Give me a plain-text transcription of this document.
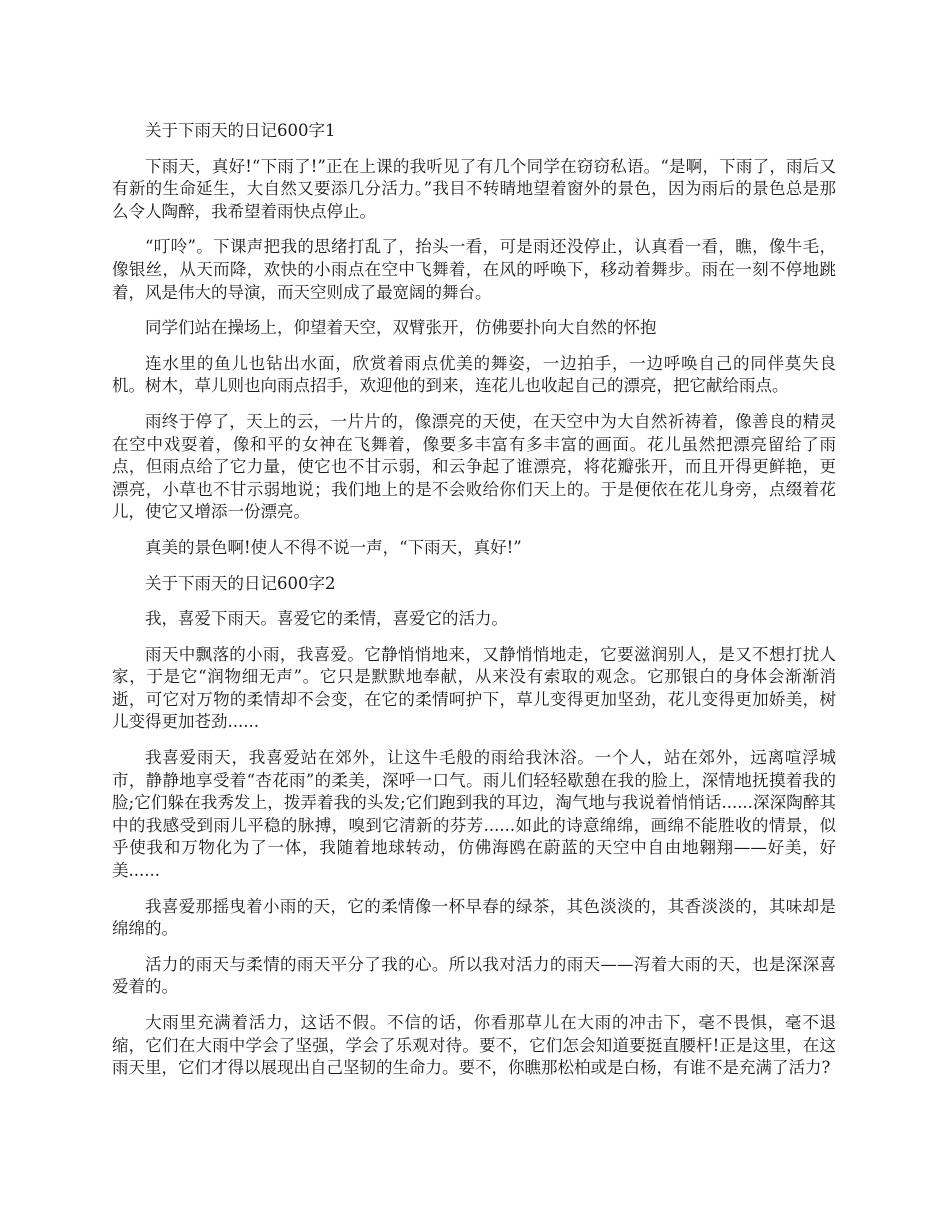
关于下雨天的日记600字1

下雨天，真好!“下雨了!”正在上课的我听见了有几个同学在窃窃私语。“是啊，下雨了，雨后又有新的生命延生，大自然又要添几分活力。”我目不转睛地望着窗外的景色，因为雨后的景色总是那么令人陶醉，我希望着雨快点停止。

“叮呤”。下课声把我的思绪打乱了，抬头一看，可是雨还没停止，认真看一看，瞧，像牛毛，像银丝，从天而降，欢快的小雨点在空中飞舞着，在风的呼唤下，移动着舞步。雨在一刻不停地跳着，风是伟大的导演，而天空则成了最宽阔的舞台。

同学们站在操场上，仰望着天空，双臂张开，仿佛要扑向大自然的怀抱

连水里的鱼儿也钻出水面，欣赏着雨点优美的舞姿，一边拍手，一边呼唤自己的同伴莫失良机。树木，草儿则也向雨点招手，欢迎他的到来，连花儿也收起自己的漂亮，把它献给雨点。

雨终于停了，天上的云，一片片的，像漂亮的天使，在天空中为大自然祈祷着，像善良的精灵在空中戏耍着，像和平的女神在飞舞着，像要多丰富有多丰富的画面。花儿虽然把漂亮留给了雨点，但雨点给了它力量，使它也不甘示弱，和云争起了谁漂亮，将花瓣张开，而且开得更鲜艳，更漂亮，小草也不甘示弱地说；我们地上的是不会败给你们天上的。于是便依在花儿身旁，点缀着花儿，使它又增添一份漂亮。

真美的景色啊!使人不得不说一声，“下雨天，真好!”

关于下雨天的日记600字2

我，喜爱下雨天。喜爱它的柔情，喜爱它的活力。

雨天中飘落的小雨，我喜爱。它静悄悄地来，又静悄悄地走，它要滋润别人，是又不想打扰人家，于是它“润物细无声”。它只是默默地奉献，从来没有索取的观念。它那银白的身体会渐渐消逝，可它对万物的柔情却不会变，在它的柔情呵护下，草儿变得更加坚劲，花儿变得更加娇美，树儿变得更加苍劲......

我喜爱雨天，我喜爱站在郊外，让这牛毛般的雨给我沐浴。一个人，站在郊外，远离喧浮城市，静静地享受着“杏花雨”的柔美，深呼一口气。雨儿们轻轻歇憩在我的脸上，深情地抚摸着我的脸;它们躲在我秀发上，拨弄着我的头发;它们跑到我的耳边，淘气地与我说着悄悄话......深深陶醉其中的我感受到雨儿平稳的脉搏，嗅到它清新的芬芳......如此的诗意绵绵，画绵不能胜收的情景，似乎使我和万物化为了一体，我随着地球转动，仿佛海鸥在蔚蓝的天空中自由地翱翔——好美，好美......

我喜爱那摇曳着小雨的天，它的柔情像一杯早春的绿茶，其色淡淡的，其香淡淡的，其味却是绵绵的。

活力的雨天与柔情的雨天平分了我的心。所以我对活力的雨天——泻着大雨的天，也是深深喜爱着的。

大雨里充满着活力，这话不假。不信的话，你看那草儿在大雨的冲击下，毫不畏惧，毫不退缩，它们在大雨中学会了坚强，学会了乐观对待。要不，它们怎会知道要挺直腰杆!正是这里，在这雨天里，它们才得以展现出自己坚韧的生命力。要不，你瞧那松柏或是白杨，有谁不是充满了活力?
